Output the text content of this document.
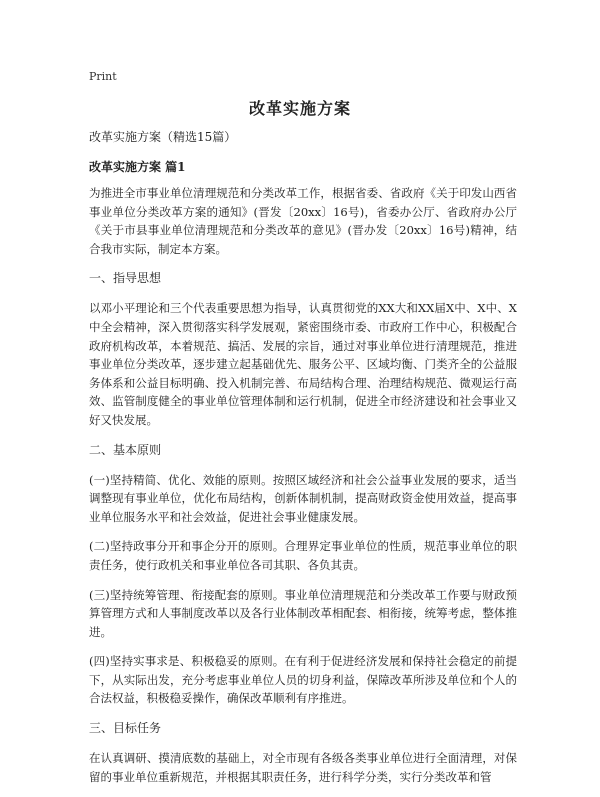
Print
改革实施方案
改革实施方案（精选15篇）
改革实施方案 篇1
为推进全市事业单位清理规范和分类改革工作，根据省委、省政府《关于印发山西省事业单位分类改革方案的通知》(晋发〔20xx〕16号)，省委办公厅、省政府办公厅《关于市县事业单位清理规范和分类改革的意见》(晋办发〔20xx〕16号)精神，结合我市实际，制定本方案。
一、指导思想
以邓小平理论和三个代表重要思想为指导，认真贯彻党的XX大和XX届X中、X中、X中全会精神，深入贯彻落实科学发展观，紧密围绕市委、市政府工作中心，积极配合政府机构改革，本着规范、搞活、发展的宗旨，通过对事业单位进行清理规范，推进事业单位分类改革，逐步建立起基础优先、服务公平、区域均衡、门类齐全的公益服务体系和公益目标明确、投入机制完善、布局结构合理、治理结构规范、微观运行高效、监管制度健全的事业单位管理体制和运行机制，促进全市经济建设和社会事业又好又快发展。
二、基本原则
(一)坚持精简、优化、效能的原则。按照区域经济和社会公益事业发展的要求，适当调整现有事业单位，优化布局结构，创新体制机制，提高财政资金使用效益，提高事业单位服务水平和社会效益，促进社会事业健康发展。
(二)坚持政事分开和事企分开的原则。合理界定事业单位的性质，规范事业单位的职责任务，使行政机关和事业单位各司其职、各负其责。
(三)坚持统筹管理、衔接配套的原则。事业单位清理规范和分类改革工作要与财政预算管理方式和人事制度改革以及各行业体制改革相配套、相衔接，统筹考虑，整体推进。
(四)坚持实事求是、积极稳妥的原则。在有利于促进经济发展和保持社会稳定的前提下，从实际出发，充分考虑事业单位人员的切身利益，保障改革所涉及单位和个人的合法权益，积极稳妥操作，确保改革顺利有序推进。
三、目标任务
在认真调研、摸清底数的基础上，对全市现有各级各类事业单位进行全面清理，对保留的事业单位重新规范，并根据其职责任务，进行科学分类，实行分类改革和管
